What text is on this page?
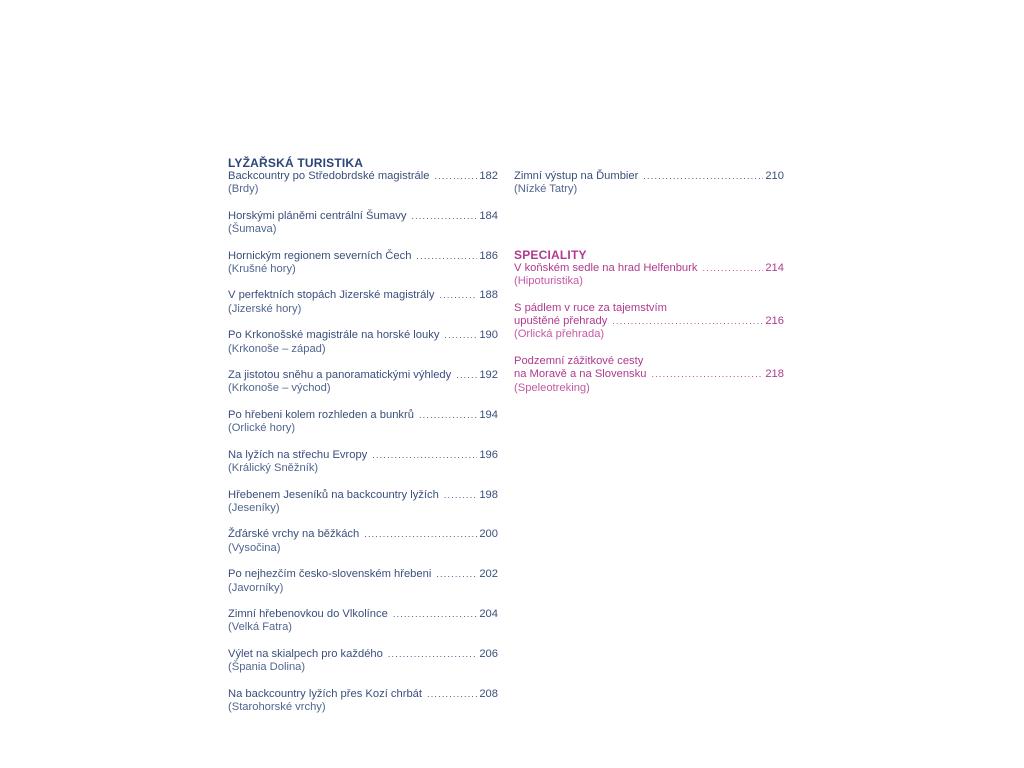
LYŽAŘSKÁ TURISTIKA
Backcountry po Středobrdské magistrále .....	182
(Brdy)
Horskými pláněmi centrální Šumavy .....	184
(Šumava)
Hornickým regionem severních Čech .....	186
(Krušné hory)
V perfektních stopách Jizerské magistrály .....	188
(Jizerské hory)
Po Krkonošské magistrále na horské louky .....	190
(Krkonoše – západ)
Za jistotou sněhu a panoramatickými výhledy .....	192
(Krkonoše – východ)
Po hřebeni kolem rozhleden a bunkrů .....	194
(Orlické hory)
Na lyžích na střechu Evropy .....	196
(Králický Sněžník)
Hřebenem Jeseníků na backcountry lyžích .....	198
(Jeseníky)
Žďárské vrchy na běžkách .....	200
(Vysočina)
Po nejhezčím česko-slovenském hřebeni .....	202
(Javorníky)
Zimní hřebenovkou do Vlkolínce .....	204
(Velká Fatra)
Výlet na skialpech pro každého .....	206
(Špania Dolina)
Na backcountry lyžích přes Kozí chrbát .....	208
(Starohorské vrchy)
Zimní výstup na Ďumbier .....	210
(Nízké Tatry)
SPECIALITY
V koňském sedle na hrad Helfenburk .....	214
(Hipoturistika)
S pádlem v ruce za tajemstvím
upuštěné přehrady .....	216
(Orlická přehrada)
Podzemní zážitkové cesty
na Moravě a na Slovensku .....	218
(Speleotreking)
